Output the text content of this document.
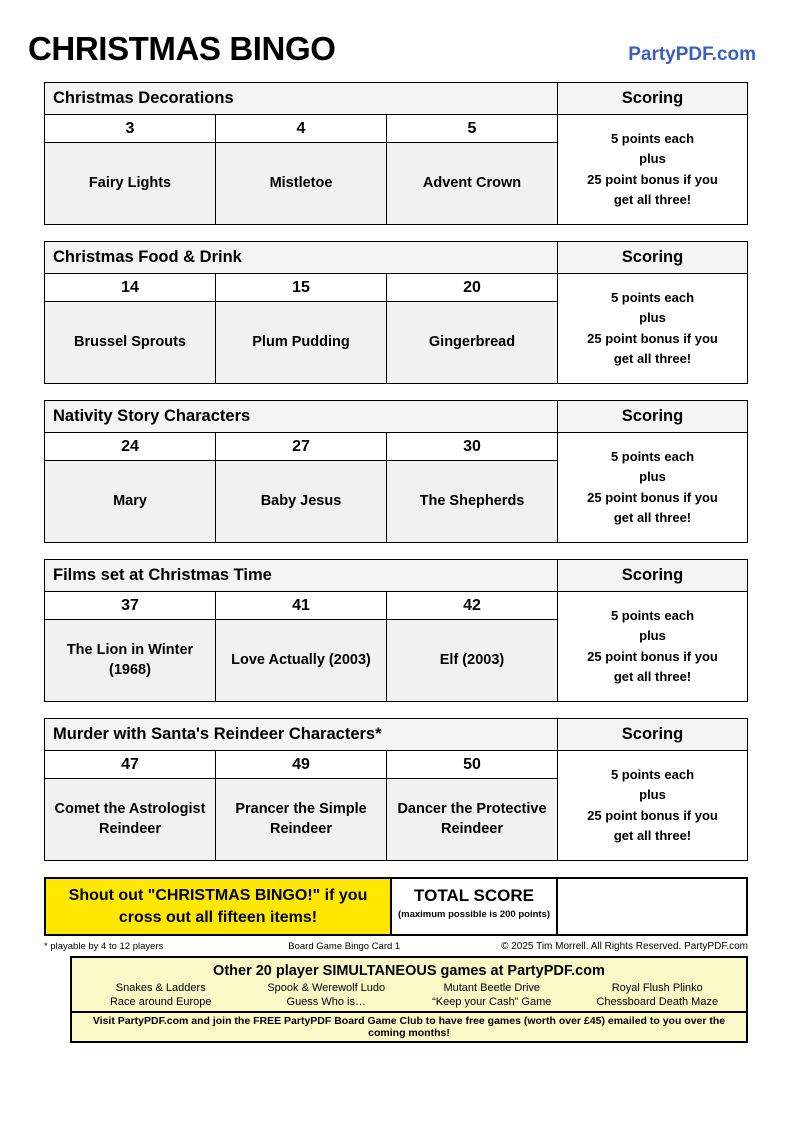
CHRISTMAS BINGO	PartyPDF.com
Christmas Decorations			Scoring
3	4	5	5 points each
plus
25 point bonus if you
get all three!

Fairy Lights	Mistletoe	Advent Crown	
Christmas Food & Drink			Scoring
14	15	20	5 points each
plus
25 point bonus if you
get all three!

Brussel Sprouts	Plum Pudding	Gingerbread	
Nativity Story Characters			Scoring
24	27	30	5 points each
plus
25 point bonus if you
get all three!

Mary	Baby Jesus	The Shepherds	
Films set at Christmas Time			Scoring
37	41	42	5 points each
plus
25 point bonus if you
get all three!

The Lion in Winter (1968)	Love Actually (2003)	Elf (2003)	
Murder with Santa's Reindeer Characters*			Scoring
47	49	50	5 points each
plus
25 point bonus if you
get all three!

Comet the Astrologist Reindeer	Prancer the Simple Reindeer	Dancer the Protective Reindeer	
Shout out "CHRISTMAS BINGO!" if you
cross out all fifteen items!
TOTAL SCORE
(maximum possible is 200 points)
* playable by 4 to 12 players	Board Game Bingo Card 1	© 2025 Tim Morrell. All Rights Reserved. PartyPDF.com
Other 20 player SIMULTANEOUS games at PartyPDF.com
Snakes & Ladders	Spook & Werewolf Ludo	Mutant Beetle Drive	Royal Flush Plinko
Race around Europe	Guess Who is…	“Keep your Cash” Game	Chessboard Death Maze
Visit PartyPDF.com and join the FREE PartyPDF Board Game Club to have free games (worth over £45) emailed to you over the coming months!
